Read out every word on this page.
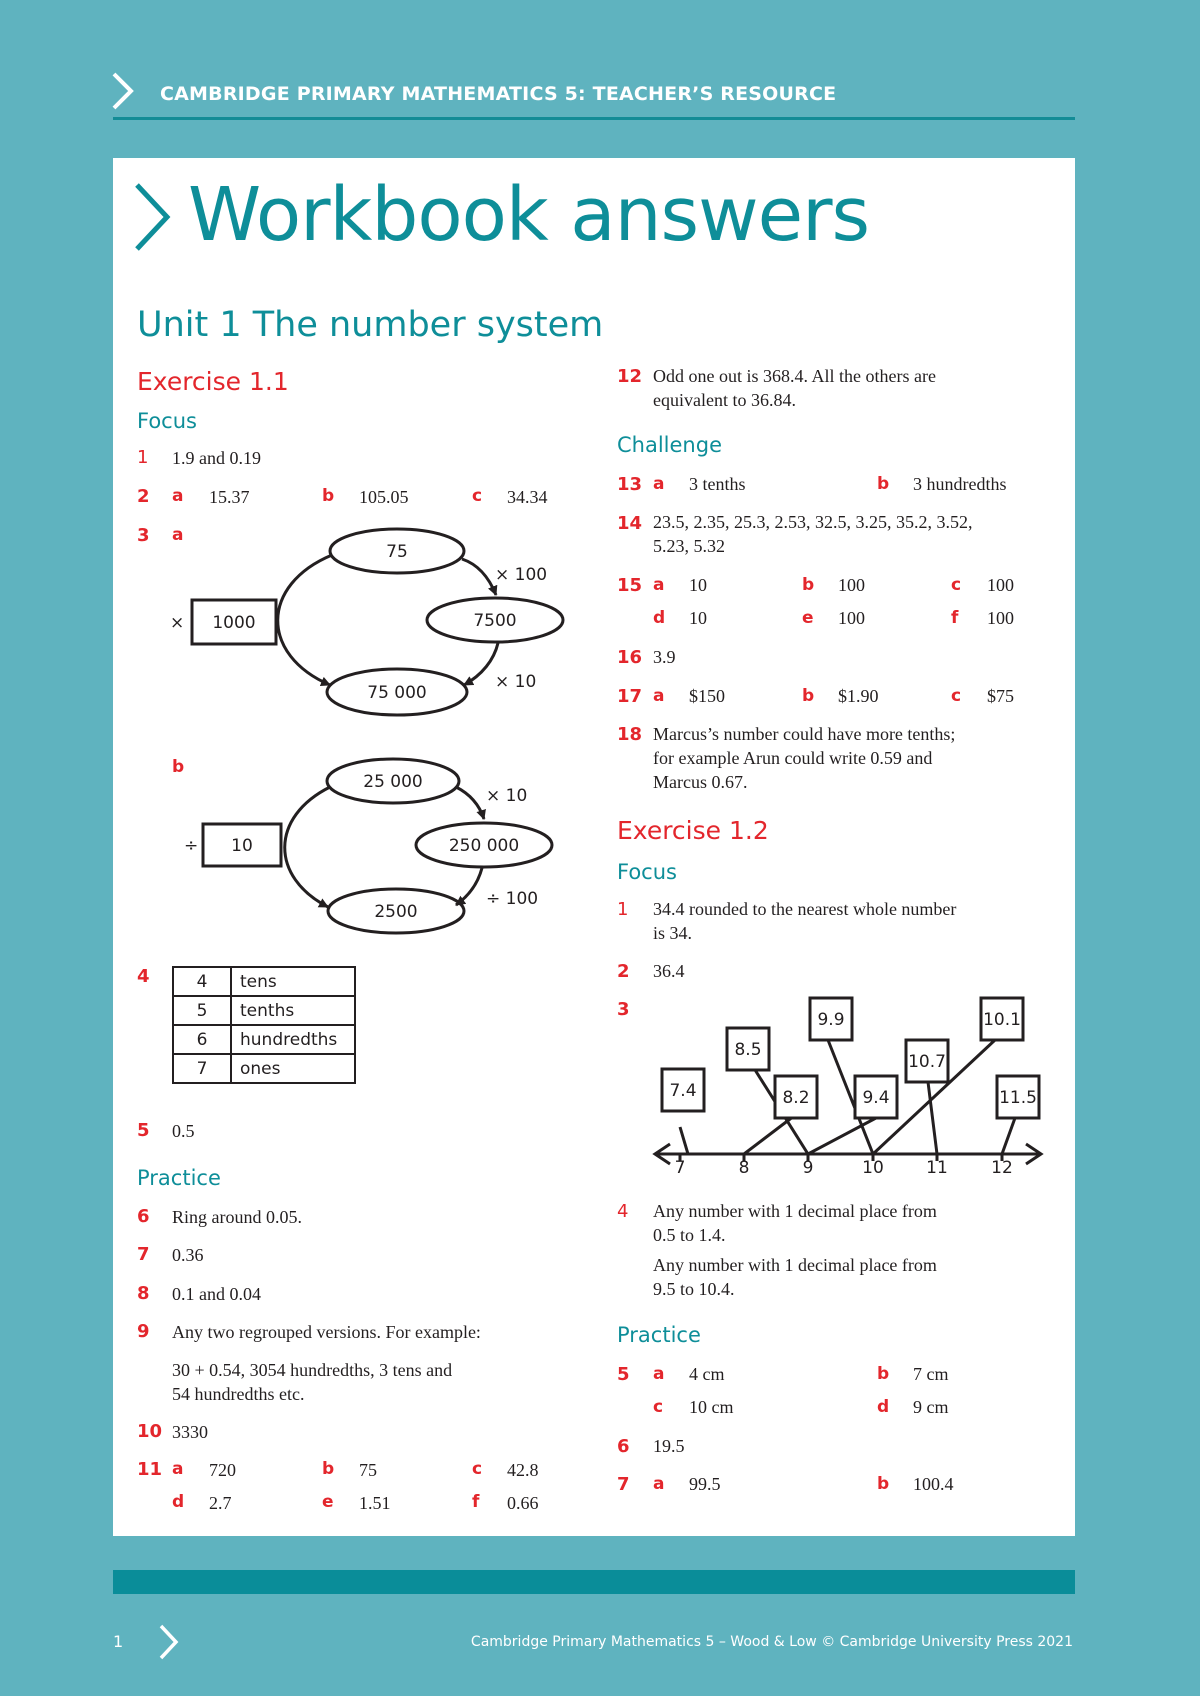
CAMBRIDGE PRIMARY MATHEMATICS 5: TEACHER’S RESOURCE
Workbook answers
Unit 1 The number system
Exercise 1.1
Focus
1 1.9 and 0.19
2 a 15.37	b 105.05	c 34.34
3 a
75
7500
75 000
× 100
× 10
× 1000
b
25 000
250 000
2500
× 10
÷ 100
÷ 10
4	4	tens
5	tenths
6	hundredths
7	ones
5 0.5
Practice
6 Ring around 0.05.
7 0.36
8 0.1 and 0.04
9 Any two regrouped versions. For example:
30 + 0.54, 3054 hundredths, 3 tens and
54 hundredths etc.
10 3330
11 a 720	b 75	c 42.8
d 2.7	e 1.51	f 0.66
12 Odd one out is 368.4. All the others are
equivalent to 36.84.
Challenge
13 a 3 tenths	b 3 hundredths
14 23.5, 2.35, 25.3, 2.53, 32.5, 3.25, 35.2, 3.52,
5.23, 5.32
15 a 10	b 100	c 100
d 10	e 100	f 100
16 3.9
17 a $150	b $1.90	c $75
18 Marcus’s number could have more tenths;
for example Arun could write 0.59 and
Marcus 0.67.
Exercise 1.2
Focus
1 34.4 rounded to the nearest whole number
is 34.
2 36.4
3
7.4
8.5
8.2
9.9
9.4
10.7
10.1
11.5
7	8	9	10 11	12
4 Any number with 1 decimal place from
0.5 to 1.4.
Any number with 1 decimal place from
9.5 to 10.4.
Practice
5 a 4 cm	b 7 cm
c 10 cm	d 9 cm
6 19.5
7 a 99.5	b 100.4
1	Cambridge Primary Mathematics 5 – Wood & Low © Cambridge University Press 2021
